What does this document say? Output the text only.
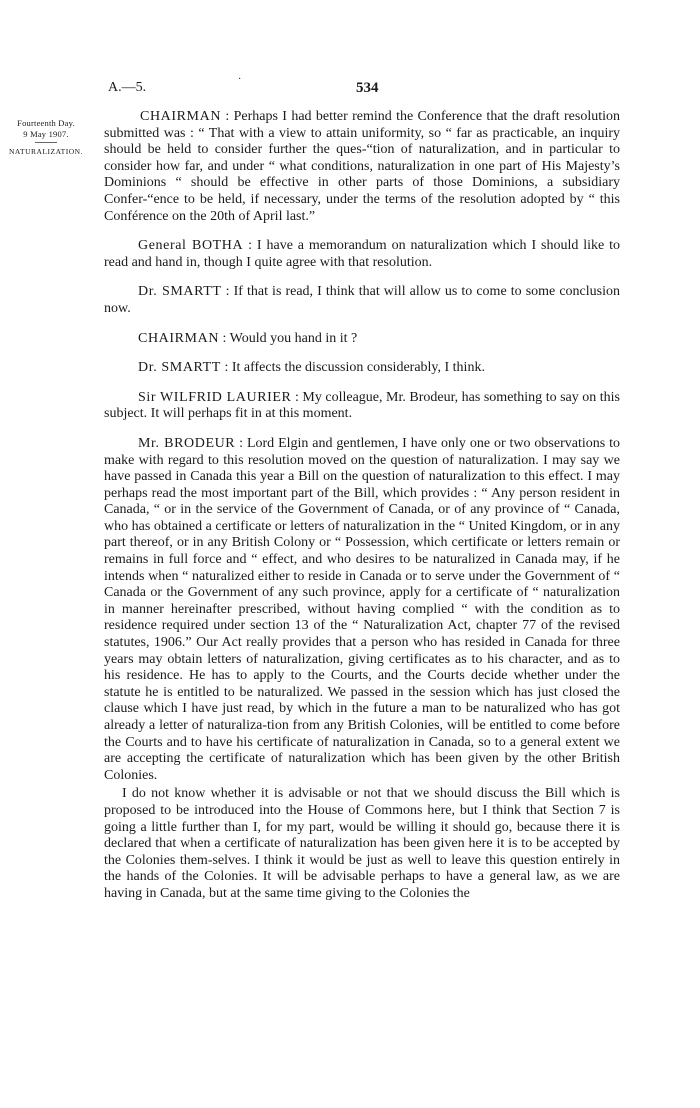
A.—5.
·
534
Fourteenth Day.
9 May 1907.
NATURALIZATION.

CHAIRMAN : Perhaps I had better remind the Conference that the draft resolution submitted was : “ That with a view to attain uniformity, so “ far as practicable, an inquiry should be held to consider further the ques-“tion of naturalization, and in particular to consider how far, and under “ what conditions, naturalization in one part of His Majesty’s Dominions “ should be effective in other parts of those Dominions, a subsidiary Confer-“ence to be held, if necessary, under the terms of the resolution adopted by “ this Conférence on the 20th of April last.”

General BOTHA : I have a memorandum on naturalization which I should like to read and hand in, though I quite agree with that resolution.

Dr. SMARTT : If that is read, I think that will allow us to come to some conclusion now.

CHAIRMAN : Would you hand in it ?

Dr. SMARTT : It affects the discussion considerably, I think.

Sir WILFRID LAURIER : My colleague, Mr. Brodeur, has something to say on this subject. It will perhaps fit in at this moment.

Mr. BRODEUR : Lord Elgin and gentlemen, I have only one or two observations to make with regard to this resolution moved on the question of naturalization. I may say we have passed in Canada this year a Bill on the question of naturalization to this effect. I may perhaps read the most important part of the Bill, which provides : “ Any person resident in Canada, “ or in the service of the Government of Canada, or of any province of “ Canada, who has obtained a certificate or letters of naturalization in the “ United Kingdom, or in any part thereof, or in any British Colony or “ Possession, which certificate or letters remain or remains in full force and “ effect, and who desires to be naturalized in Canada may, if he intends when “ naturalized either to reside in Canada or to serve under the Government of “ Canada or the Government of any such province, apply for a certificate of “ naturalization in manner hereinafter prescribed, without having complied “ with the condition as to residence required under section 13 of the “ Naturalization Act, chapter 77 of the revised statutes, 1906.” Our Act really provides that a person who has resided in Canada for three years may obtain letters of naturalization, giving certificates as to his character, and as to his residence. He has to apply to the Courts, and the Courts decide whether under the statute he is entitled to be naturalized. We passed in the session which has just closed the clause which I have just read, by which in the future a man to be naturalized who has got already a letter of naturaliza-tion from any British Colonies, will be entitled to come before the Courts and to have his certificate of naturalization in Canada, so to a general extent we are accepting the certificate of naturalization which has been given by the other British Colonies.

I do not know whether it is advisable or not that we should discuss the Bill which is proposed to be introduced into the House of Commons here, but I think that Section 7 is going a little further than I, for my part, would be willing it should go, because there it is declared that when a certificate of naturalization has been given here it is to be accepted by the Colonies them-selves. I think it would be just as well to leave this question entirely in the hands of the Colonies. It will be advisable perhaps to have a general law, as we are having in Canada, but at the same time giving to the Colonies the
